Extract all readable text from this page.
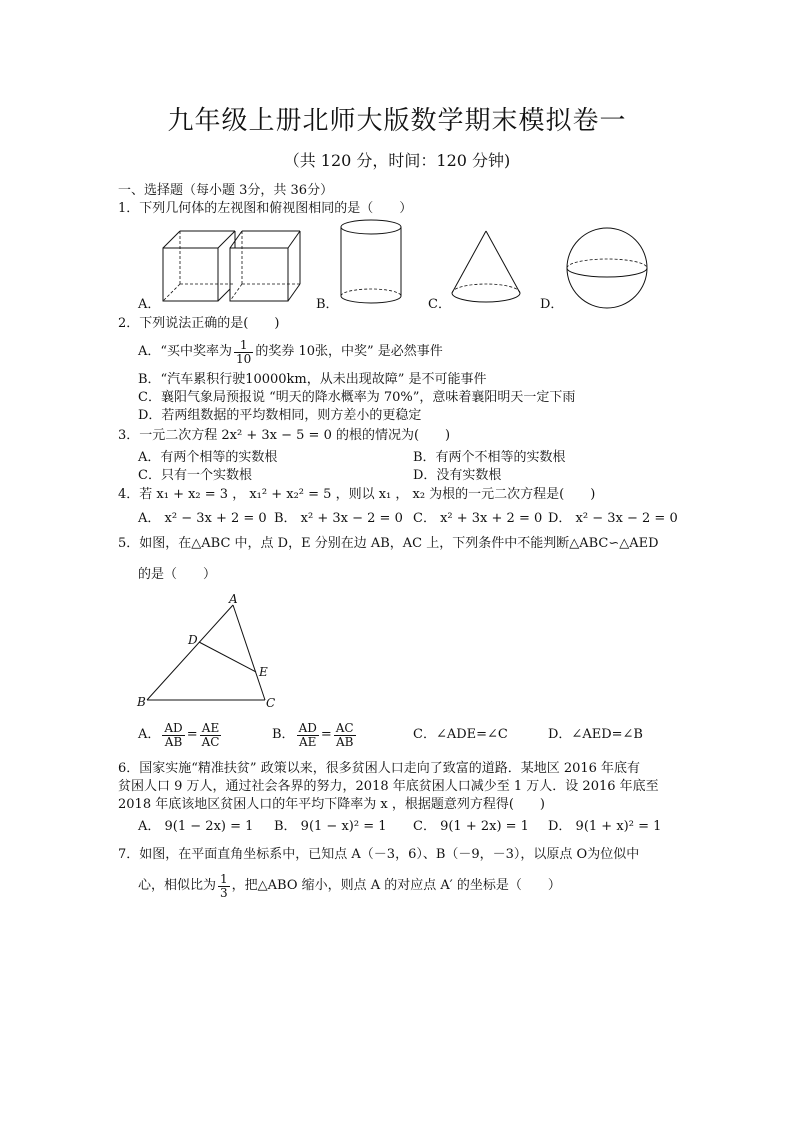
九年级上册北师大版数学期末模拟卷一
（共 120 分，时间：120 分钟)
一、选择题（每小题 3分，共 36分）
1．下列几何体的左视图和俯视图相同的是（　　）
A．	B．	C．	D．
2．下列说法正确的是(　　)
A．“买中奖率为 $\frac{1}{10}$ 的奖券 10张，中奖” 是必然事件
B．“汽车累积行驶10000km，从未出现故障” 是不可能事件
C．襄阳气象局预报说 “明天的降水概率为 70%”，意味着襄阳明天一定下雨
D．若两组数据的平均数相同，则方差小的更稳定
3．一元二次方程 2x² + 3x − 5 = 0 的根的情况为(　　)
A．有两个相等的实数根	B．有两个不相等的实数根
C．只有一个实数根	D．没有实数根
4．若 x₁ + x₂ = 3 ， x₁² + x₂² = 5 ，则以 x₁ ， x₂ 为根的一元二次方程是(　　)
A． x² − 3x + 2 = 0 B． x² + 3x − 2 = 0 C． x² + 3x + 2 = 0 D． x² − 3x − 2 = 0
5．如图，在△ABC 中，点 D，E 分别在边 AB，AC 上，下列条件中不能判断△ABC∽△AED
的是（　　）
A
D
E
B	C
A． $\frac{AD}{AB} = \frac{AE}{AC}$	B． $\frac{AD}{AE} = \frac{AC}{AB}$	C．∠ADE=∠C	D．∠AED=∠B
6．国家实施“精准扶贫” 政策以来，很多贫困人口走向了致富的道路．某地区 2016 年底有
贫困人口 9 万人，通过社会各界的努力，2018 年底贫困人口减少至 1 万人．设 2016 年底至
2018 年底该地区贫困人口的年平均下降率为 x ，根据题意列方程得(　　)
A． 9(1 − 2x) = 1 B． 9(1 − x)² = 1 C． 9(1 + 2x) = 1 D． 9(1 + x)² = 1
7．如图，在平面直角坐标系中，已知点 A（－3，6）、B（－9，－3），以原点 O为位似中
心，相似比为 $\frac{1}{3}$ ，把△ABO 缩小，则点 A 的对应点 A′ 的坐标是（　　）
